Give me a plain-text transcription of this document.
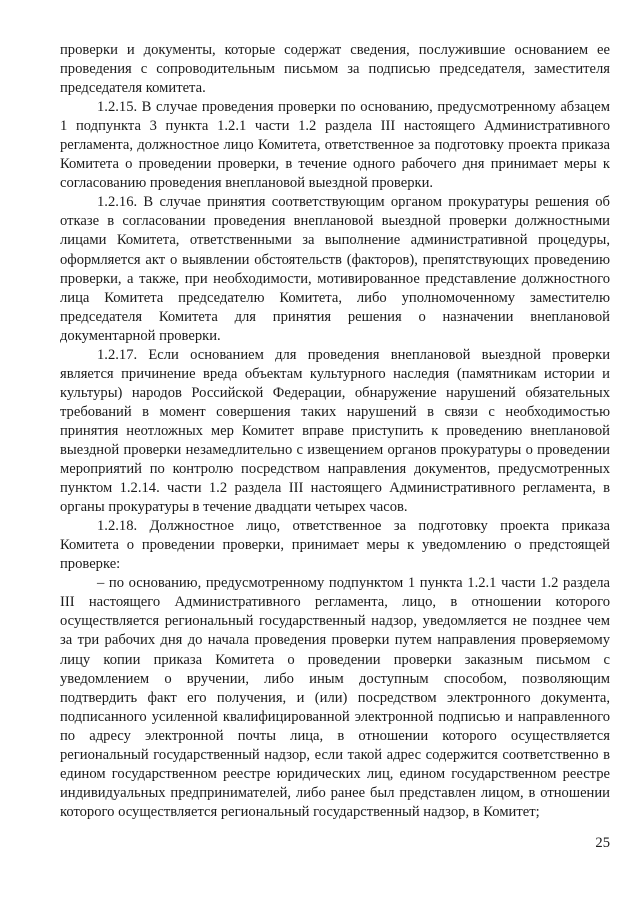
проверки и документы, которые содержат сведения, послужившие основанием ее проведения с сопроводительным письмом за подписью председателя, заместителя председателя комитета.

1.2.15. В случае проведения проверки по основанию, предусмотренному абзацем 1 подпункта 3 пункта 1.2.1 части 1.2 раздела III настоящего Административного регламента, должностное лицо Комитета, ответственное за подготовку проекта приказа Комитета о проведении проверки, в течение одного рабочего дня принимает меры к согласованию проведения внеплановой выездной проверки.

1.2.16. В случае принятия соответствующим органом прокуратуры решения об отказе в согласовании проведения внеплановой выездной проверки должностными лицами Комитета, ответственными за выполнение административной процедуры, оформляется акт о выявлении обстоятельств (факторов), препятствующих проведению проверки, а также, при необходимости, мотивированное представление должностного лица Комитета председателю Комитета, либо уполномоченному заместителю председателя Комитета для принятия решения о назначении внеплановой документарной проверки.

1.2.17. Если основанием для проведения внеплановой выездной проверки является причинение вреда объектам культурного наследия (памятникам истории и культуры) народов Российской Федерации, обнаружение нарушений обязательных требований в момент совершения таких нарушений в связи с необходимостью принятия неотложных мер Комитет вправе приступить к проведению внеплановой выездной проверки незамедлительно с извещением органов прокуратуры о проведении мероприятий по контролю посредством направления документов, предусмотренных пунктом 1.2.14. части 1.2 раздела III настоящего Административного регламента, в органы прокуратуры в течение двадцати четырех часов.

1.2.18. Должностное лицо, ответственное за подготовку проекта приказа Комитета о проведении проверки, принимает меры к уведомлению о предстоящей проверке:

– по основанию, предусмотренному подпунктом 1 пункта 1.2.1 части 1.2 раздела III настоящего Административного регламента, лицо, в отношении которого осуществляется региональный государственный надзор, уведомляется не позднее чем за три рабочих дня до начала проведения проверки путем направления проверяемому лицу копии приказа Комитета о проведении проверки заказным письмом с уведомлением о вручении, либо иным доступным способом, позволяющим подтвердить факт его получения, и (или) посредством электронного документа, подписанного усиленной квалифицированной электронной подписью и направленного по адресу электронной почты лица, в отношении которого осуществляется региональный государственный надзор, если такой адрес содержится соответственно в едином государственном реестре юридических лиц, едином государственном реестре индивидуальных предпринимателей, либо ранее был представлен лицом, в отношении которого осуществляется региональный государственный надзор, в Комитет;

25
